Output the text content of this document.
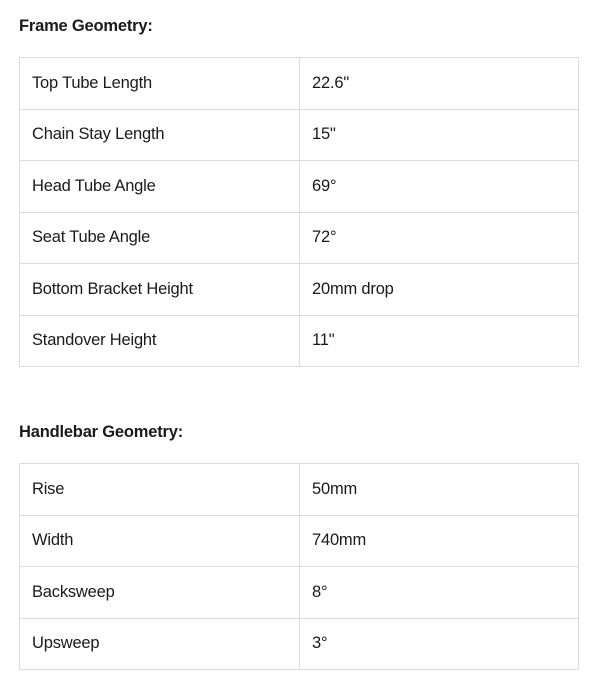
Frame Geometry:
Top Tube Length	22.6"
Chain Stay Length	15"
Head Tube Angle	69°
Seat Tube Angle	72°
Bottom Bracket Height	20mm drop
Standover Height	11"
Handlebar Geometry:
Rise	50mm
Width	740mm
Backsweep	8°
Upsweep	3°
